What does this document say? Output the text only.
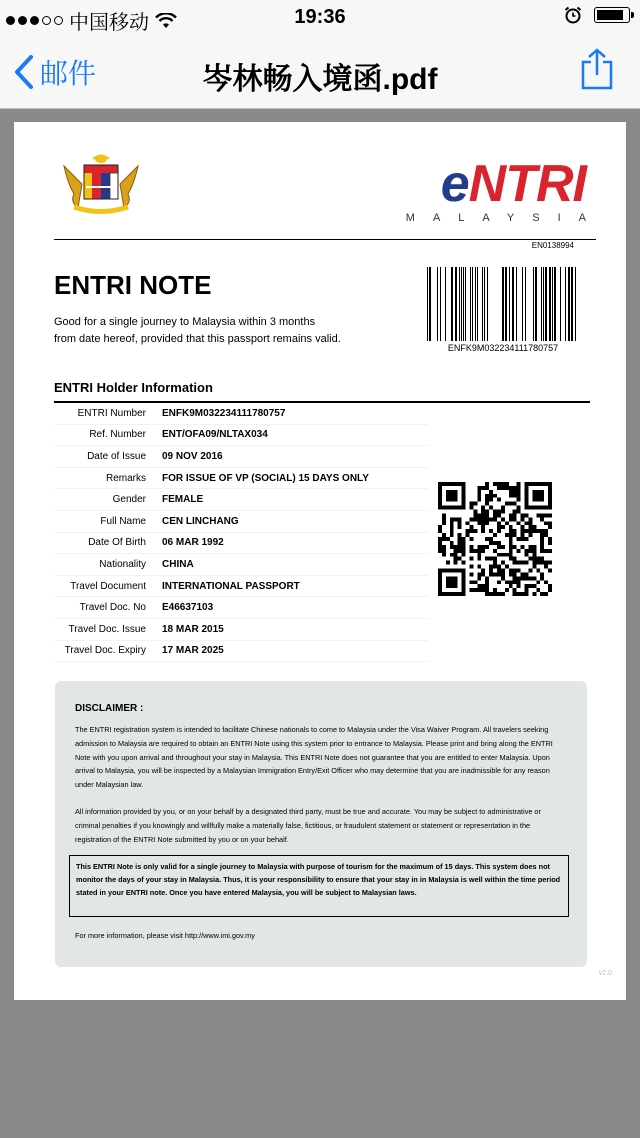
中国移动	19:36
邮件	岑林畅入境函.pdf
eNTRI
MALAYSIA
EN0138994
ENTRI NOTE
Good for a single journey to Malaysia within 3 months
from date hereof, provided that this passport remains valid.
ENFK9M032234111780757
ENTRI Holder Information
ENTRI Number	ENFK9M032234111780757
Ref. Number	ENT/OFA09/NLTAX034
Date of Issue	09 NOV 2016
Remarks	FOR ISSUE OF VP (SOCIAL) 15 DAYS ONLY
Gender	FEMALE
Full Name	CEN LINCHANG
Date Of Birth	06 MAR 1992
Nationality	CHINA
Travel Document	INTERNATIONAL PASSPORT
Travel Doc. No	E46637103
Travel Doc. Issue	18 MAR 2015
Travel Doc. Expiry	17 MAR 2025
DISCLAIMER :

The ENTRI registration system is intended to facilitate Chinese nationals to come to Malaysia under the Visa Waiver Program. All travelers seeking admission to Malaysia are required to obtain an ENTRI Note using this system prior to entrance to Malaysia. Please print and bring along the ENTRI Note with you upon arrival and throughout your stay in Malaysia. This ENTRI Note does not guarantee that you are entitled to enter Malaysia. Upon arrival to Malaysia, you will be inspected by a Malaysian Immigration Entry/Exit Officer who may determine that you are inadmissible for any reason under Malaysian law.

All information provided by you, or on your behalf by a designated third party, must be true and accurate. You may be subject to administrative or criminal penalties if you knowingly and willfully make a materially false, fictitious, or fraudulent statement or statement or representation in the registration of the ENTRI Note submitted by you or on your behalf.

This ENTRI Note is only valid for a single journey to Malaysia with purpose of tourism for the maximum of 15 days. This system does not monitor the days of your stay in Malaysia. Thus, it is your responsibility to ensure that your stay in in Malaysia is well within the time period stated in your ENTRI note. Once you have entered Malaysia, you will be subject to Malaysian laws.

For more information, please visit http://www.imi.gov.my

v2.0
